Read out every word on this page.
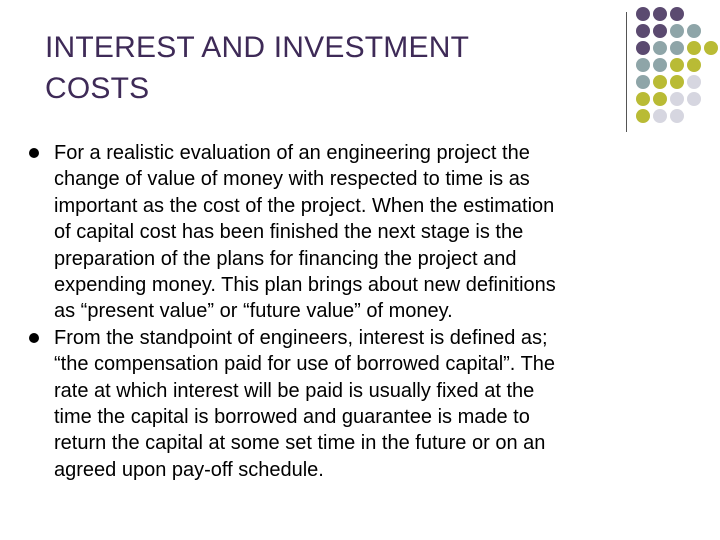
INTEREST AND INVESTMENT
COSTS
For a realistic evaluation of an engineering project the
change of value of money with respected to time is as
important as the cost of the project. When the estimation
of capital cost has been finished the next stage is the
preparation of the plans for financing the project and
expending money. This plan brings about new definitions
as “present value” or “future value” of money.
From the standpoint of engineers, interest is defined as;
“the compensation paid for use of borrowed capital”. The
rate at which interest will be paid is usually fixed at the
time the capital is borrowed and guarantee is made to
return the capital at some set time in the future or on an
agreed upon pay-off schedule.
